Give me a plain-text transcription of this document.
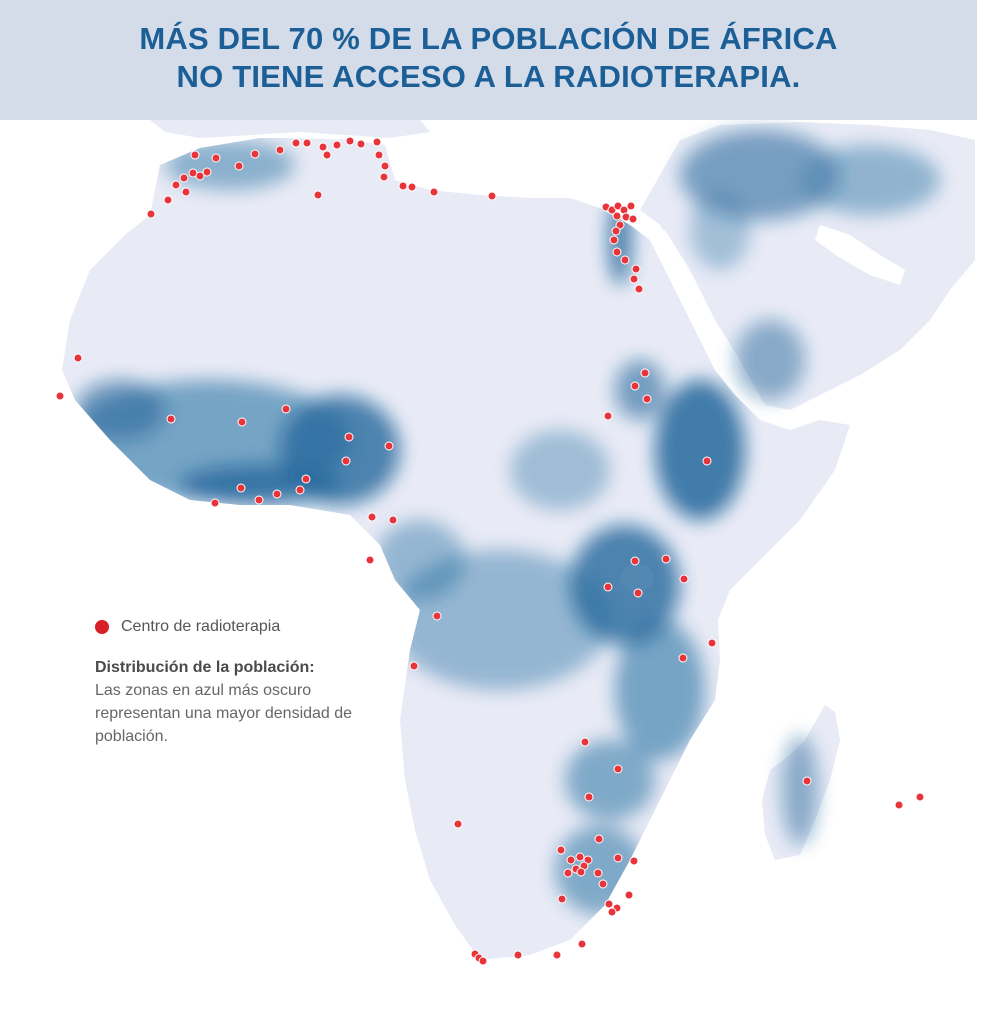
MÁS DEL 70 % DE LA POBLACIÓN DE ÁFRICA
NO TIENE ACCESO A LA RADIOTERAPIA.
Centro de radioterapia
Distribución de la población:
Las zonas en azul más oscuro representan una mayor densidad de población.
